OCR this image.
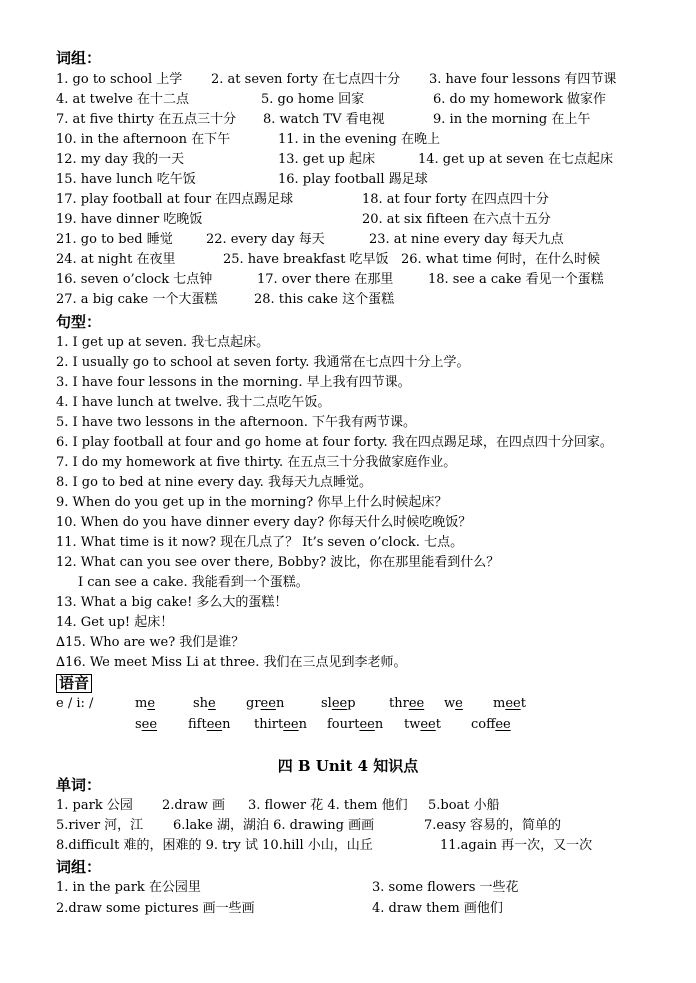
词组：
1. go to school 上学 2. at seven forty 在七点四十分 3. have four lessons 有四节课
4. at twelve 在十二点	5. go home 回家	6. do my homework 做家作
7. at five thirty 在五点三十分 8. watch TV 看电视	9. in the morning 在上午
10. in the afternoon 在下午	11. in the evening 在晚上
12. my day 我的一天	13. get up 起床	14. get up at seven 在七点起床
15. have lunch 吃午饭	16. play football 踢足球
17. play football at four 在四点踢足球	18. at four forty 在四点四十分
19. have dinner 吃晚饭	20. at six fifteen 在六点十五分
21. go to bed 睡觉	22. every day 每天	23. at nine every day 每天九点
24. at night 在夜里	25. have breakfast 吃早饭 26. what time 何时，在什么时候
16. seven o’clock 七点钟	17. over there 在那里	18. see a cake 看见一个蛋糕
27. a big cake 一个大蛋糕	28. this cake 这个蛋糕
句型：
1. I get up at seven. 我七点起床。
2. I usually go to school at seven forty. 我通常在七点四十分上学。
3. I have four lessons in the morning. 早上我有四节课。
4. I have lunch at twelve. 我十二点吃午饭。
5. I have two lessons in the afternoon. 下午我有两节课。
6. I play football at four and go home at four forty. 我在四点踢足球，在四点四十分回家。
7. I do my homework at five thirty. 在五点三十分我做家庭作业。
8. I go to bed at nine every day. 我每天九点睡觉。
9. When do you get up in the morning? 你早上什么时候起床？
10. When do you have dinner every day? 你每天什么时候吃晚饭？
11. What time is it now? 现在几点了？ It’s seven o’clock. 七点。
12. What can you see over there, Bobby? 波比，你在那里能看到什么？
I can see a cake. 我能看到一个蛋糕。
13. What a big cake! 多么大的蛋糕！
14. Get up! 起床！
∆15. Who are we? 我们是谁？
∆16. We meet Miss Li at three. 我们在三点见到李老师。
语音
e / i: /	me	she green	sleep	three we meet
see fifteen thirteen fourteen tweet coffee
四 B Unit 4 知识点
单词：
1. park 公园 2.draw 画 3. flower 花 4. them 他们 5.boat 小船
5.river 河，江 6.lake 湖，湖泊 6. drawing 画画	7.easy 容易的，简单的
8.difficult 难的，困难的 9. try 试 10.hill 小山，山丘	11.again 再一次，又一次
词组：
1. in the park 在公园里	3. some flowers 一些花
2.draw some pictures 画一些画	4. draw them 画他们
